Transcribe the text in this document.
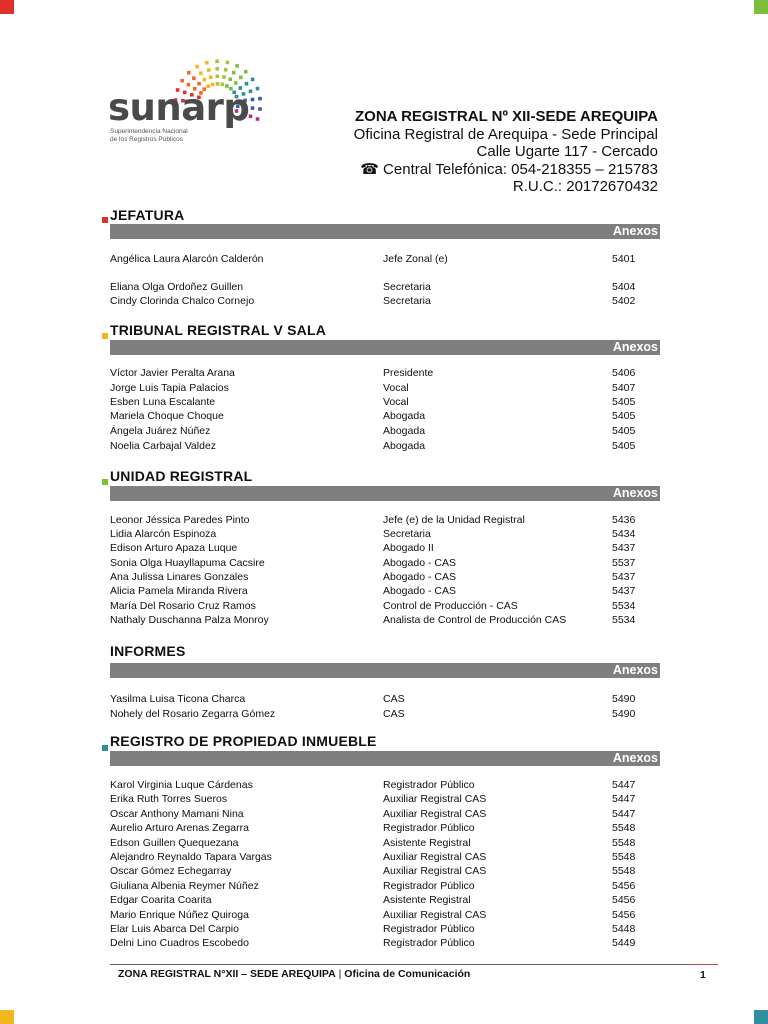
sunarp
Superintendencia Nacional
de los Registros Públicos
ZONA REGISTRAL Nº XII-SEDE AREQUIPA
Oficina Registral de Arequipa - Sede Principal
Calle Ugarte 117 - Cercado
☎ Central Telefónica: 054-218355 – 215783
R.U.C.: 20172670432
JEFATURA
Anexos
Angélica Laura Alarcón Calderón	Jefe Zonal (e)	5401
Eliana Olga Ordoñez Guillen	Secretaria	5404
Cindy Clorinda Chalco Cornejo	Secretaria	5402
TRIBUNAL REGISTRAL V SALA
Anexos
Víctor Javier Peralta Arana	Presidente	5406
Jorge Luis Tapia Palacios	Vocal	5407
Esben Luna Escalante	Vocal	5405
Mariela Choque Choque	Abogada	5405
Ángela Juárez Núñez	Abogada	5405
Noelia Carbajal Valdez	Abogada	5405
UNIDAD REGISTRAL
Anexos
Leonor Jéssica Paredes Pinto	Jefe (e) de la Unidad Registral	5436
Lidia Alarcón Espinoza	Secretaria	5434
Edison Arturo Apaza Luque	Abogado II	5437
Sonia Olga Huayllapuma Cacsire	Abogado - CAS	5537
Ana Julissa Linares Gonzales	Abogado - CAS	5437
Alicia Pamela Miranda Rivera	Abogado - CAS	5437
María Del Rosario Cruz Ramos	Control de Producción - CAS	5534
Nathaly Duschanna Palza Monroy	Analista de Control de Producción CAS	5534
INFORMES
Anexos
Yasilma Luisa Ticona Charca	CAS	5490
Nohely del Rosario Zegarra Gómez	CAS	5490
REGISTRO DE PROPIEDAD INMUEBLE
Anexos
Karol Virginia Luque Cárdenas	Registrador Público	5447
Erika Ruth Torres Sueros	Auxiliar Registral CAS	5447
Oscar Anthony Mamani Nina	Auxiliar Registral CAS	5447
Aurelio Arturo Arenas Zegarra	Registrador Público	5548
Edson Guillen Quequezana	Asistente Registral	5548
Alejandro Reynaldo Tapara Vargas	Auxiliar Registral CAS	5548
Oscar Gómez Echegarray	Auxiliar Registral CAS	5548
Giuliana Albenia Reymer Núñez	Registrador Público	5456
Edgar Coarita Coarita	Asistente Registral	5456
Mario Enrique Núñez Quiroga	Auxiliar Registral CAS	5456
Elar Luis Abarca Del Carpio	Registrador Público	5448
Delni Lino Cuadros Escobedo	Registrador Público	5449
ZONA REGISTRAL N°XII – SEDE AREQUIPA | Oficina de Comunicación	1
